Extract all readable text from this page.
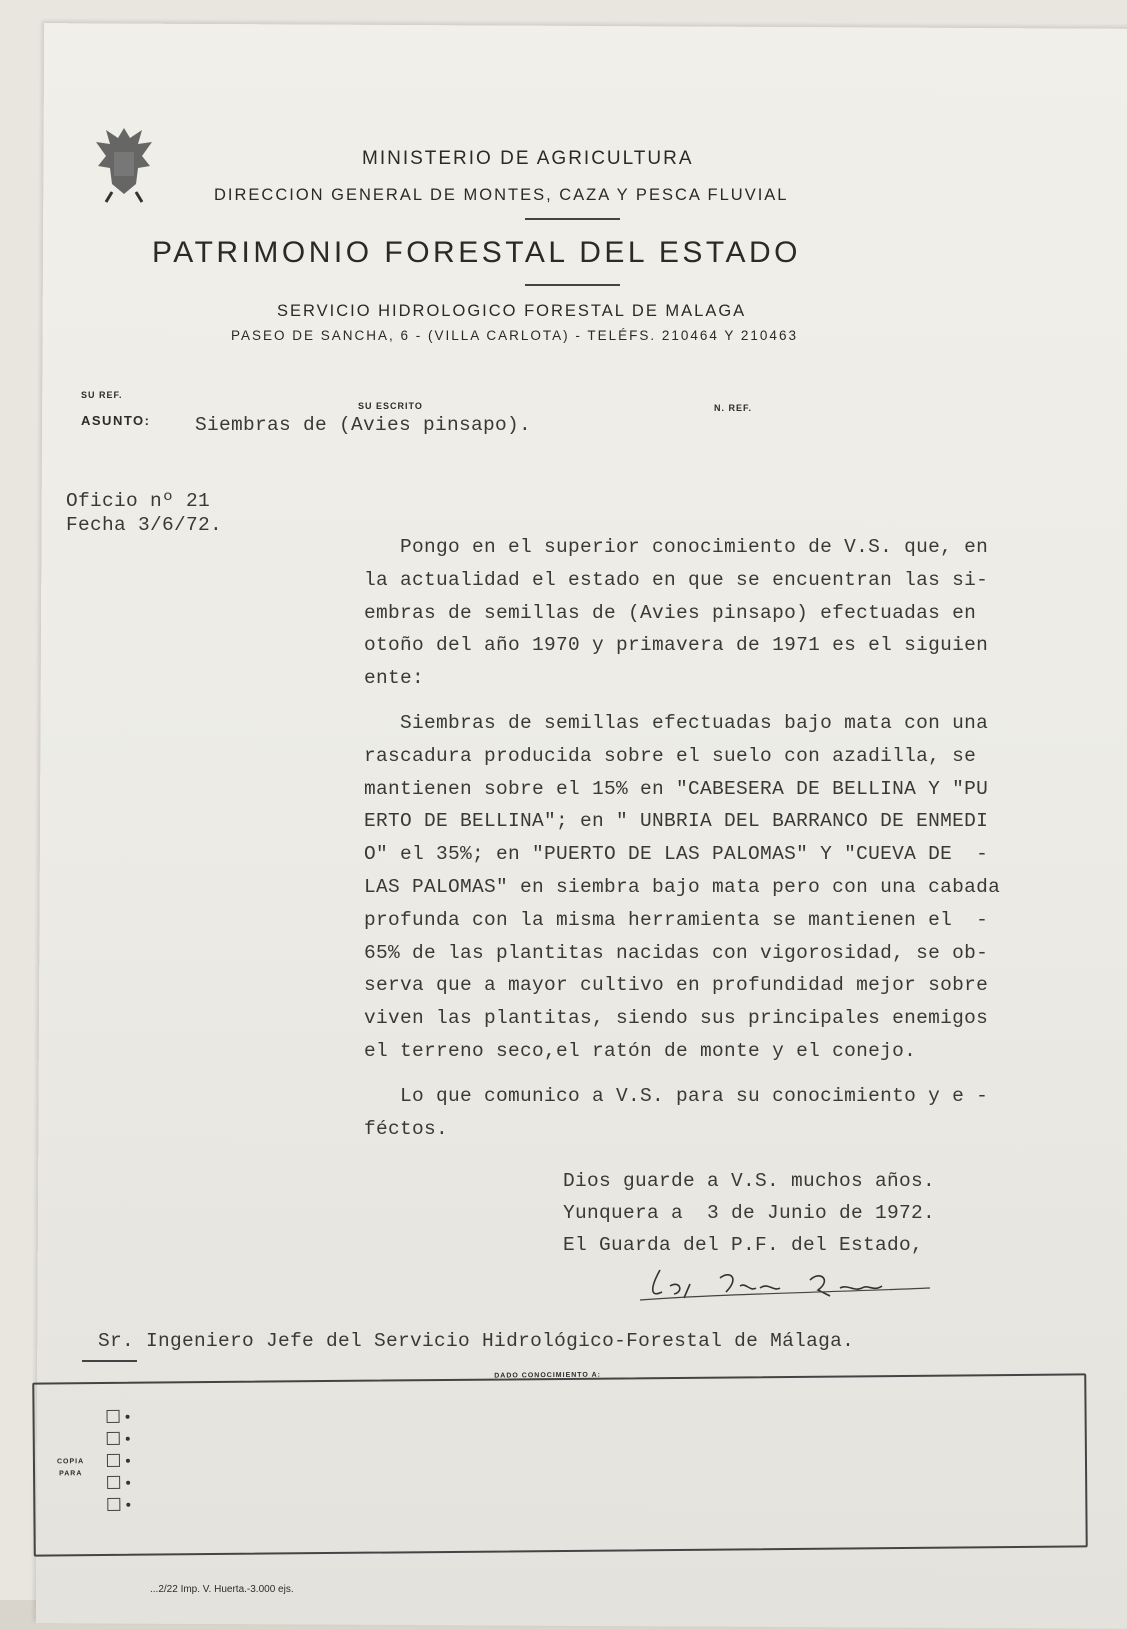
MINISTERIO DE AGRICULTURA
DIRECCION GENERAL DE MONTES, CAZA Y PESCA FLUVIAL
PATRIMONIO FORESTAL DEL ESTADO
SERVICIO HIDROLOGICO FORESTAL DE MALAGA
PASEO DE SANCHA, 6 - (VILLA CARLOTA) - TELÉFS. 210464 Y 210463
SU REF.
SU ESCRITO	N. REF.
ASUNTO: Siembras de (Avies pinsapo).
Oficio nº 21
Fecha 3/6/72.
Pongo en el superior conocimiento de V.S. que, en
la actualidad el estado en que se encuentran las si-
embras de semillas de (Avies pinsapo) efectuadas en
otoño del año 1970 y primavera de 1971 es el siguien
ente:
Siembras de semillas efectuadas bajo mata con una
rascadura producida sobre el suelo con azadilla, se
mantienen sobre el 15% en "CABESERA DE BELLINA Y "PU
ERTO DE BELLINA"; en " UNBRIA DEL BARRANCO DE ENMEDI
O" el 35%; en "PUERTO DE LAS PALOMAS" Y "CUEVA DE  -
LAS PALOMAS" en siembra bajo mata pero con una cabada
profunda con la misma herramienta se mantienen el  -
65% de las plantitas nacidas con vigorosidad, se ob-
serva que a mayor cultivo en profundidad mejor sobre
viven las plantitas, siendo sus principales enemigos
el terreno seco,el ratón de monte y el conejo.
Lo que comunico a V.S. para su conocimiento y e -
féctos.
Dios guarde a V.S. muchos años.
Yunquera a  3 de Junio de 1972.
El Guarda del P.F. del Estado,
Sr. Ingeniero Jefe del Servicio Hidrológico-Forestal de Málaga.
DADO CONOCIMIENTO A:
COPIA
PARA
...2/22 Imp. V. Huerta.-3.000 ejs.
